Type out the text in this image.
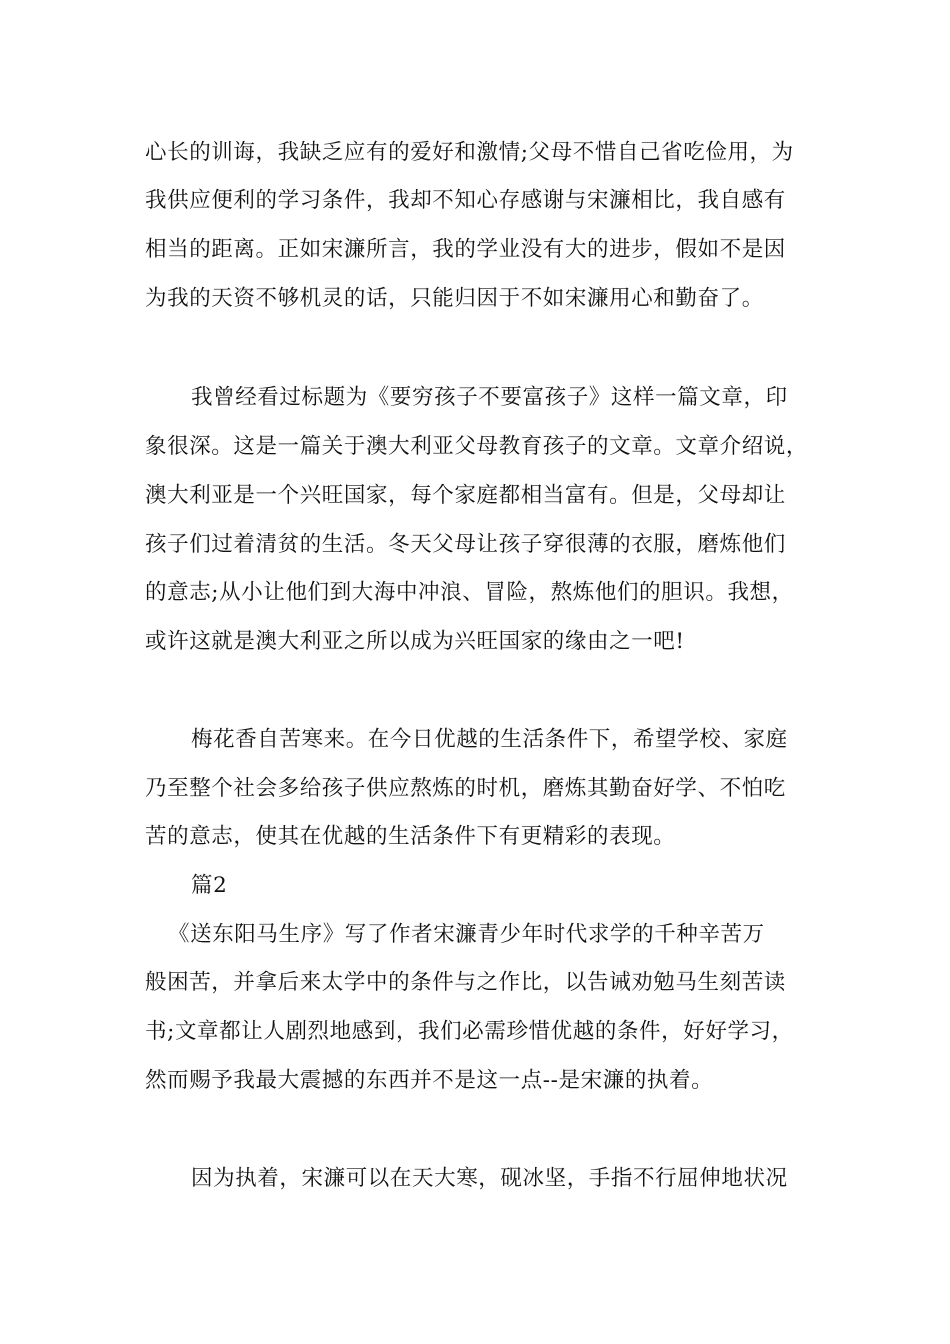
心长的训诲，我缺乏应有的爱好和激情;父母不惜自己省吃俭用，为
我供应便利的学习条件，我却不知心存感谢与宋濂相比，我自感有
相当的距离。正如宋濂所言，我的学业没有大的进步，假如不是因
为我的天资不够机灵的话，只能归因于不如宋濂用心和勤奋了。
我曾经看过标题为《要穷孩子不要富孩子》这样一篇文章，印
象很深。这是一篇关于澳大利亚父母教育孩子的文章。文章介绍说，
澳大利亚是一个兴旺国家，每个家庭都相当富有。但是，父母却让
孩子们过着清贫的生活。冬天父母让孩子穿很薄的衣服，磨炼他们
的意志;从小让他们到大海中冲浪、冒险，熬炼他们的胆识。我想，
或许这就是澳大利亚之所以成为兴旺国家的缘由之一吧!
梅花香自苦寒来。在今日优越的生活条件下，希望学校、家庭
乃至整个社会多给孩子供应熬炼的时机，磨炼其勤奋好学、不怕吃
苦的意志，使其在优越的生活条件下有更精彩的表现。
篇2
《送东阳马生序》写了作者宋濂青少年时代求学的千种辛苦万
般困苦，并拿后来太学中的条件与之作比，以告诫劝勉马生刻苦读
书;文章都让人剧烈地感到，我们必需珍惜优越的条件，好好学习，
然而赐予我最大震撼的东西并不是这一点--是宋濂的执着。
因为执着，宋濂可以在天大寒，砚冰坚，手指不行屈伸地状况
